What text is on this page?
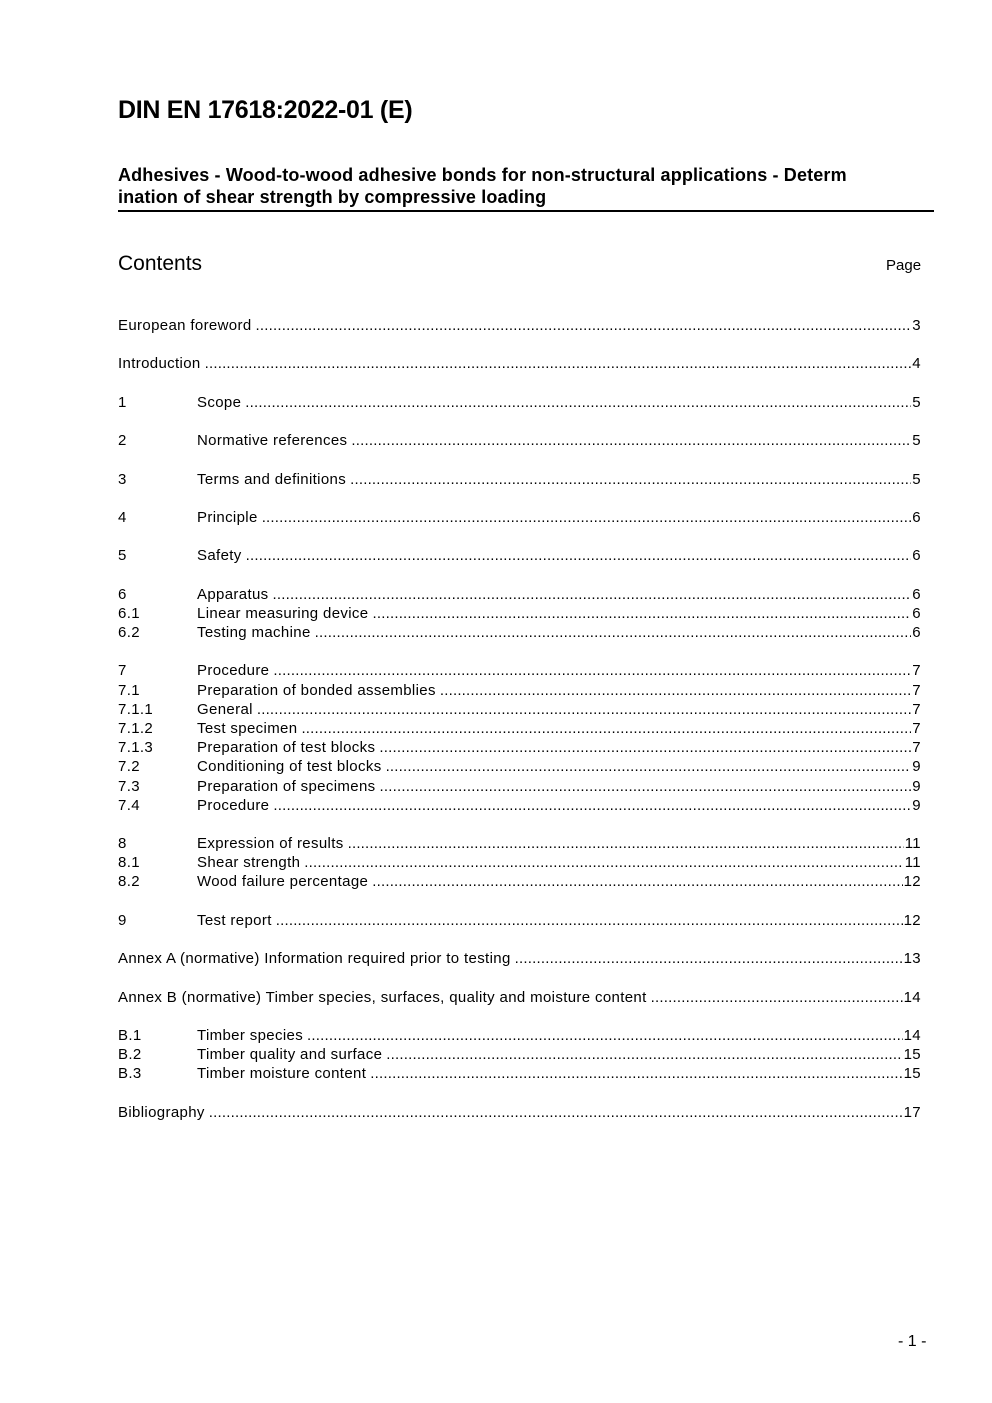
DIN EN 17618:2022-01 (E)
Adhesives - Wood-to-wood adhesive bonds for non-structural applications - Determ
ination of shear strength by compressive loading
Contents	Page
European foreword .....	3
Introduction .....	4
1	Scope .....	5
2	Normative references .....	5
3	Terms and definitions .....	5
4	Principle .....	6
5	Safety .....	6
6	Apparatus .....	6
6.1	Linear measuring device .....	6
6.2	Testing machine .....	6
7	Procedure .....	7
7.1	Preparation of bonded assemblies .....	7
7.1.1	General .....	7
7.1.2	Test specimen .....	7
7.1.3	Preparation of test blocks .....	7
7.2	Conditioning of test blocks .....	9
7.3	Preparation of specimens .....	9
7.4	Procedure .....	9
8	Expression of results .....	11
8.1	Shear strength .....	11
8.2	Wood failure percentage .....	12
9	Test report .....	12
Annex A (normative) Information required prior to testing .....	13
Annex B (normative) Timber species, surfaces, quality and moisture content .....	14
B.1	Timber species .....	14
B.2	Timber quality and surface .....	15
B.3	Timber moisture content .....	15
Bibliography .....	17
- 1 -
